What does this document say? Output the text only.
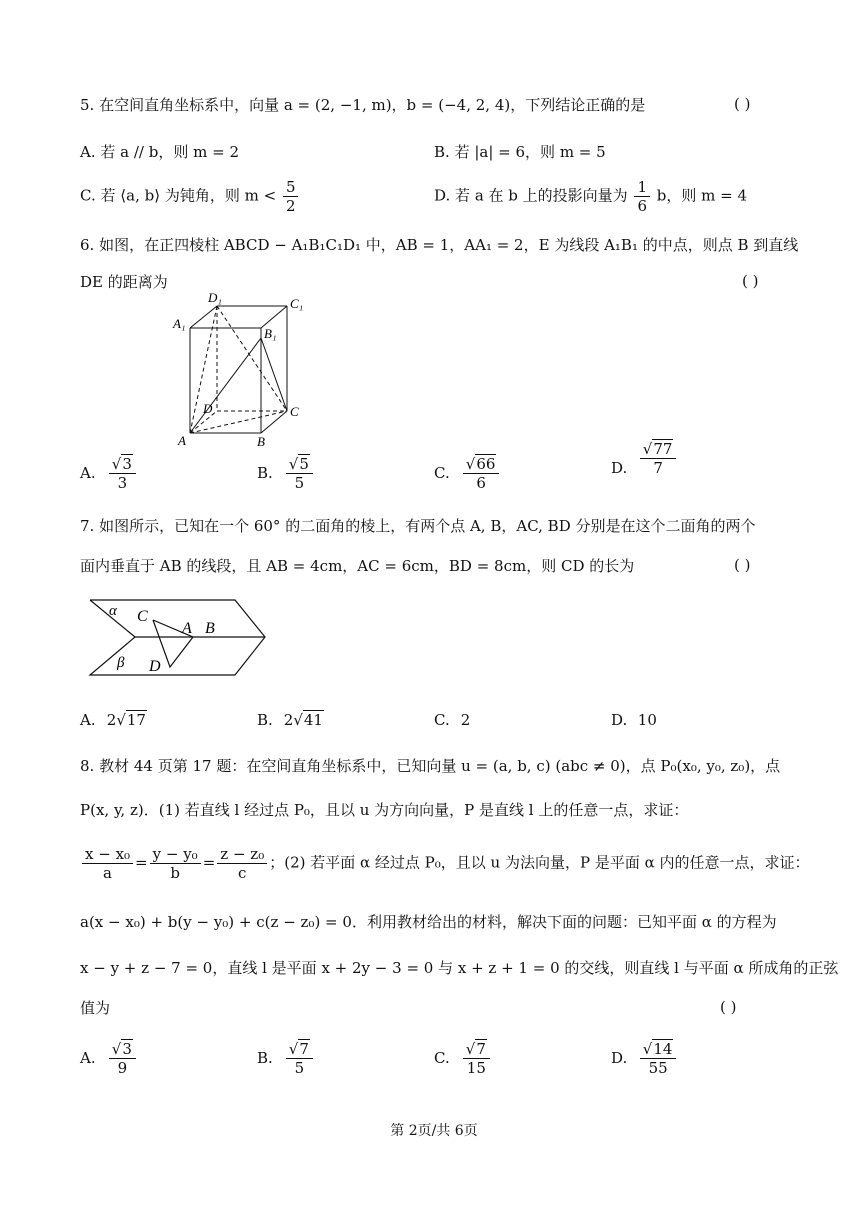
5. 在空间直角坐标系中，向量 a = (2, −1, m)，b = (−4, 2, 4)，下列结论正确的是	( )
A. 若 a // b，则 m = 2	B. 若 |a| = 6，则 m = 5
C. 若 ⟨a, b⟩ 为钝角，则 $m < \frac{5}{2}$	D. 若 a 在 b 上的投影向量为 $\frac{1}{6}$ b，则 m = 4
6. 如图，在正四棱柱 ABCD − A₁B₁C₁D₁ 中，AB = 1，AA₁ = 2，E 为线段 A₁B₁ 的中点，则点 B 到直线
DE 的距离为	( )
D₁	C₁
A₁
B₁
D	C
A	B
A. $\frac{√3}{3}$	B. $\frac{√5}{5}$	C. $\frac{√66}{6}$	D. $\frac{√77}{7}$
7. 如图所示，已知在一个 60° 的二面角的棱上，有两个点 A, B，AC, BD 分别是在这个二面角的两个
面内垂直于 AB 的线段，且 AB = 4cm，AC = 6cm，BD = 8cm，则 CD 的长为	( )
α C
A B
β D
A. 2√17	B. 2√41	C. 2	D. 10
8. 教材 44 页第 17 题：在空间直角坐标系中，已知向量 u = (a, b, c) (abc ≠ 0)，点 P₀(x₀, y₀, z₀)，点
P(x, y, z)．(1) 若直线 l 经过点 P₀，且以 u 为方向向量，P 是直线 l 上的任意一点，求证：
$\frac{\text{x − x₀}}{a} = \frac{\text{y − y₀}}{b} = \frac{\text{z − z₀}}{c}$ ；(2) 若平面 α 经过点 P₀，且以 u 为法向量，P 是平面 α 内的任意一点，求证：
a(x − x₀) + b(y − y₀) + c(z − z₀) = 0．利用教材给出的材料，解决下面的问题：已知平面 α 的方程为
x − y + z − 7 = 0，直线 l 是平面 x + 2y − 3 = 0 与 x + z + 1 = 0 的交线，则直线 l 与平面 α 所成角的正弦
值为	( )
A. $\frac{√3}{9}$	B. $\frac{√7}{5}$	C. $\frac{√7}{15}$	D. $\frac{√14}{55}$
第 2页/共 6页
